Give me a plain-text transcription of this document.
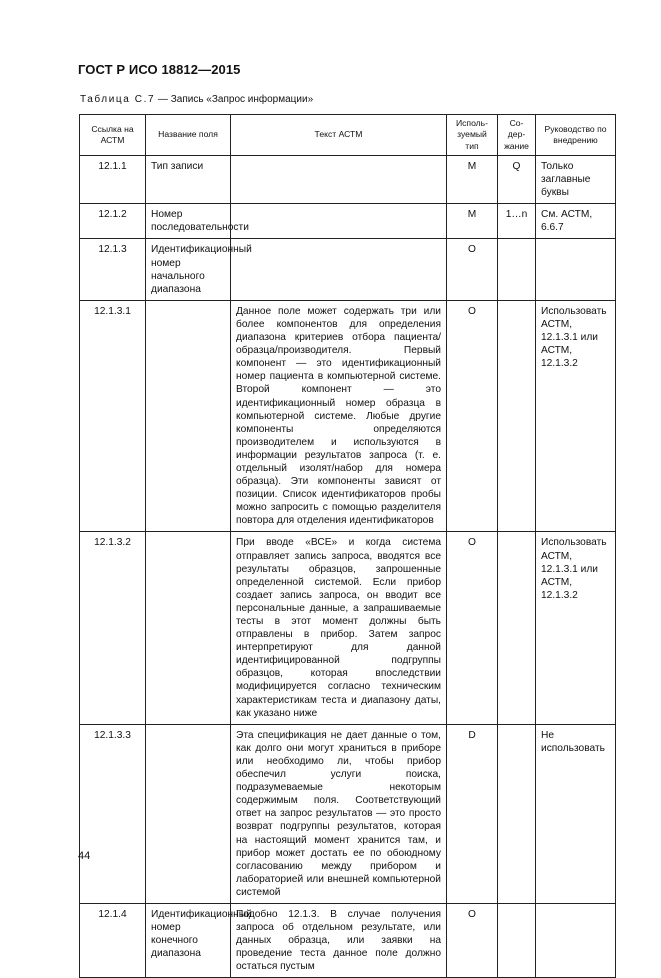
ГОСТ Р ИСО 18812—2015
Таблица С.7 — Запись «Запрос информации»
Ссылка на АСТМ	Название поля	Текст АСТМ	Исполь-зуемый тип	Со-дер-жание	Руководство по внедрению
12.1.1	Тип записи		M	Q	Только заглавные буквы
12.1.2	Номер последовательности		M	1…n	См. АСТМ, 6.6.7
12.1.3	Идентификационный номер начального диапазона		O		
12.1.3.1		Данное поле может содержать три или более компонентов для определения диапазона критериев отбора пациента/образца/производителя. Первый компонент — это идентификационный номер пациента в компьютерной системе. Второй компонент — это идентификационный номер образца в компьютерной системе. Любые другие компоненты определяются производителем и используются в информации результатов запроса (т. е. отдельный изолят/набор для номера образца). Эти компоненты зависят от позиции. Список идентификаторов пробы можно запросить с помощью разделителя повтора для отделения идентификаторов	O		Использовать АСТМ, 12.1.3.1 или АСТМ, 12.1.3.2
12.1.3.2		При вводе «ВСЕ» и когда система отправляет запись запроса, вводятся все результаты образцов, запрошенные определенной системой. Если прибор создает запись запроса, он вводит все персональные данные, а запрашиваемые тесты в этот момент должны быть отправлены в прибор. Затем запрос интерпретируют для данной идентифицированной подгруппы образцов, которая впоследствии модифицируется согласно техническим характеристикам теста и диапазону даты, как указано ниже	O		Использовать АСТМ, 12.1.3.1 или АСТМ, 12.1.3.2
12.1.3.3		Эта спецификация не дает данные о том, как долго они могут храниться в приборе или необходимо ли, чтобы прибор обеспечил услуги поиска, подразумеваемые некоторым содержимым поля. Соответствующий ответ на запрос результатов — это просто возврат подгруппы результатов, которая на настоящий момент хранится там, и прибор может достать ее по обоюдному согласованию между прибором и лабораторией или внешней компьютерной системой	D		Не использовать
12.1.4	Идентификационный номер конечного диапазона	Подобно 12.1.3. В случае получения запроса об отдельном результате, или данных образца, или заявки на проведение теста данное поле должно остаться пустым	O		
44
